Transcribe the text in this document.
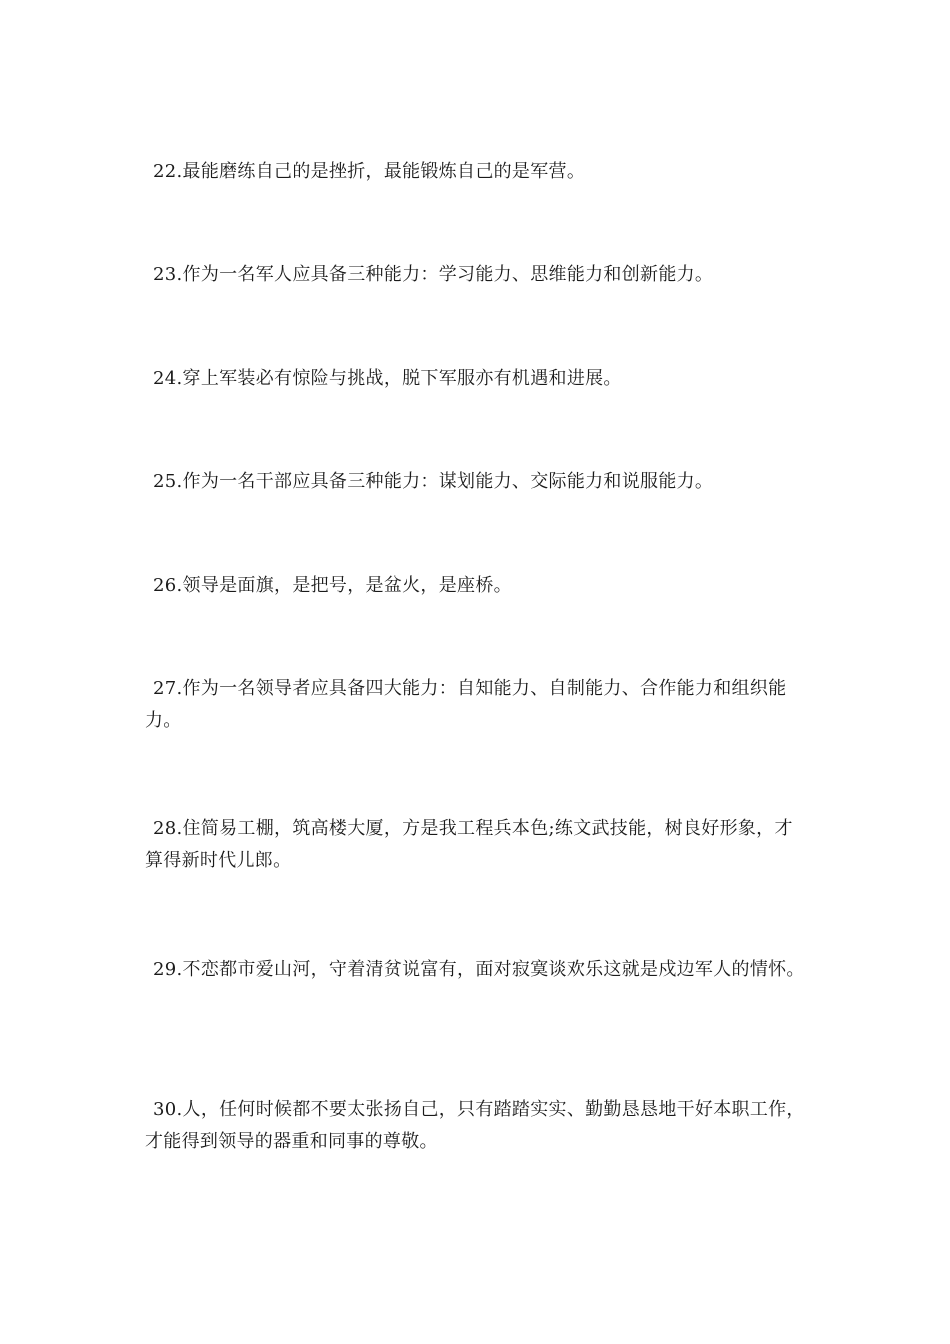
22.最能磨练自己的是挫折，最能锻炼自己的是军营。

23.作为一名军人应具备三种能力：学习能力、思维能力和创新能力。

24.穿上军装必有惊险与挑战，脱下军服亦有机遇和进展。

25.作为一名干部应具备三种能力：谋划能力、交际能力和说服能力。

26.领导是面旗，是把号，是盆火，是座桥。

27.作为一名领导者应具备四大能力：自知能力、自制能力、合作能力和组织能力。

28.住简易工棚，筑高楼大厦，方是我工程兵本色;练文武技能，树良好形象，才算得新时代儿郎。

29.不恋都市爱山河，守着清贫说富有，面对寂寞谈欢乐这就是戍边军人的情怀。

30.人，任何时候都不要太张扬自己，只有踏踏实实、勤勤恳恳地干好本职工作，才能得到领导的器重和同事的尊敬。
